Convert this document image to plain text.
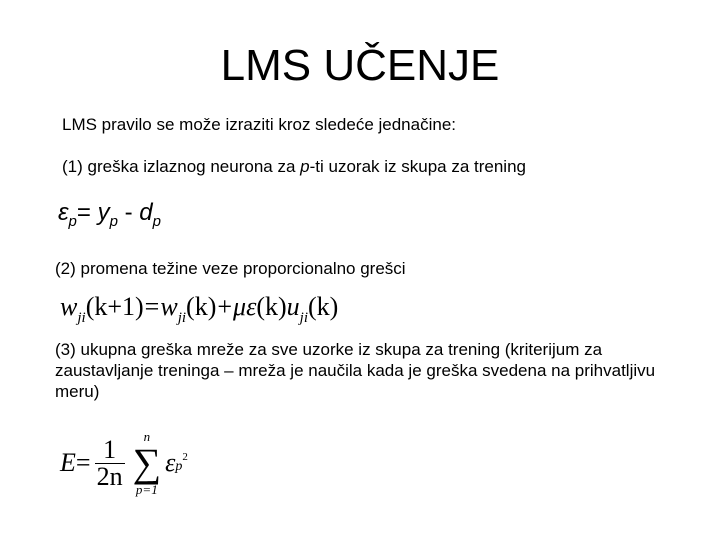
LMS UČENJE
LMS pravilo se može izraziti kroz sledeće jednačine:
(1) greška izlaznog neurona za p-ti uzorak iz skupa za trening
$\varepsilon_p= y_p - d_p$
(2) promena težine veze proporcionalno grešci
$w_{ji}(k+1)=w_{ji}(k)+\mu\varepsilon(k)u_{ji}(k)$
(3) ukupna greška mreže za sve uzorke iz skupa za trening (kriterijum za zaustavljanje treninga – mreža je naučila kada je greška svedena na prihvatljivu meru)
$E = \frac{1}{2n}$ n
∑
p=1
ε $p^2$
